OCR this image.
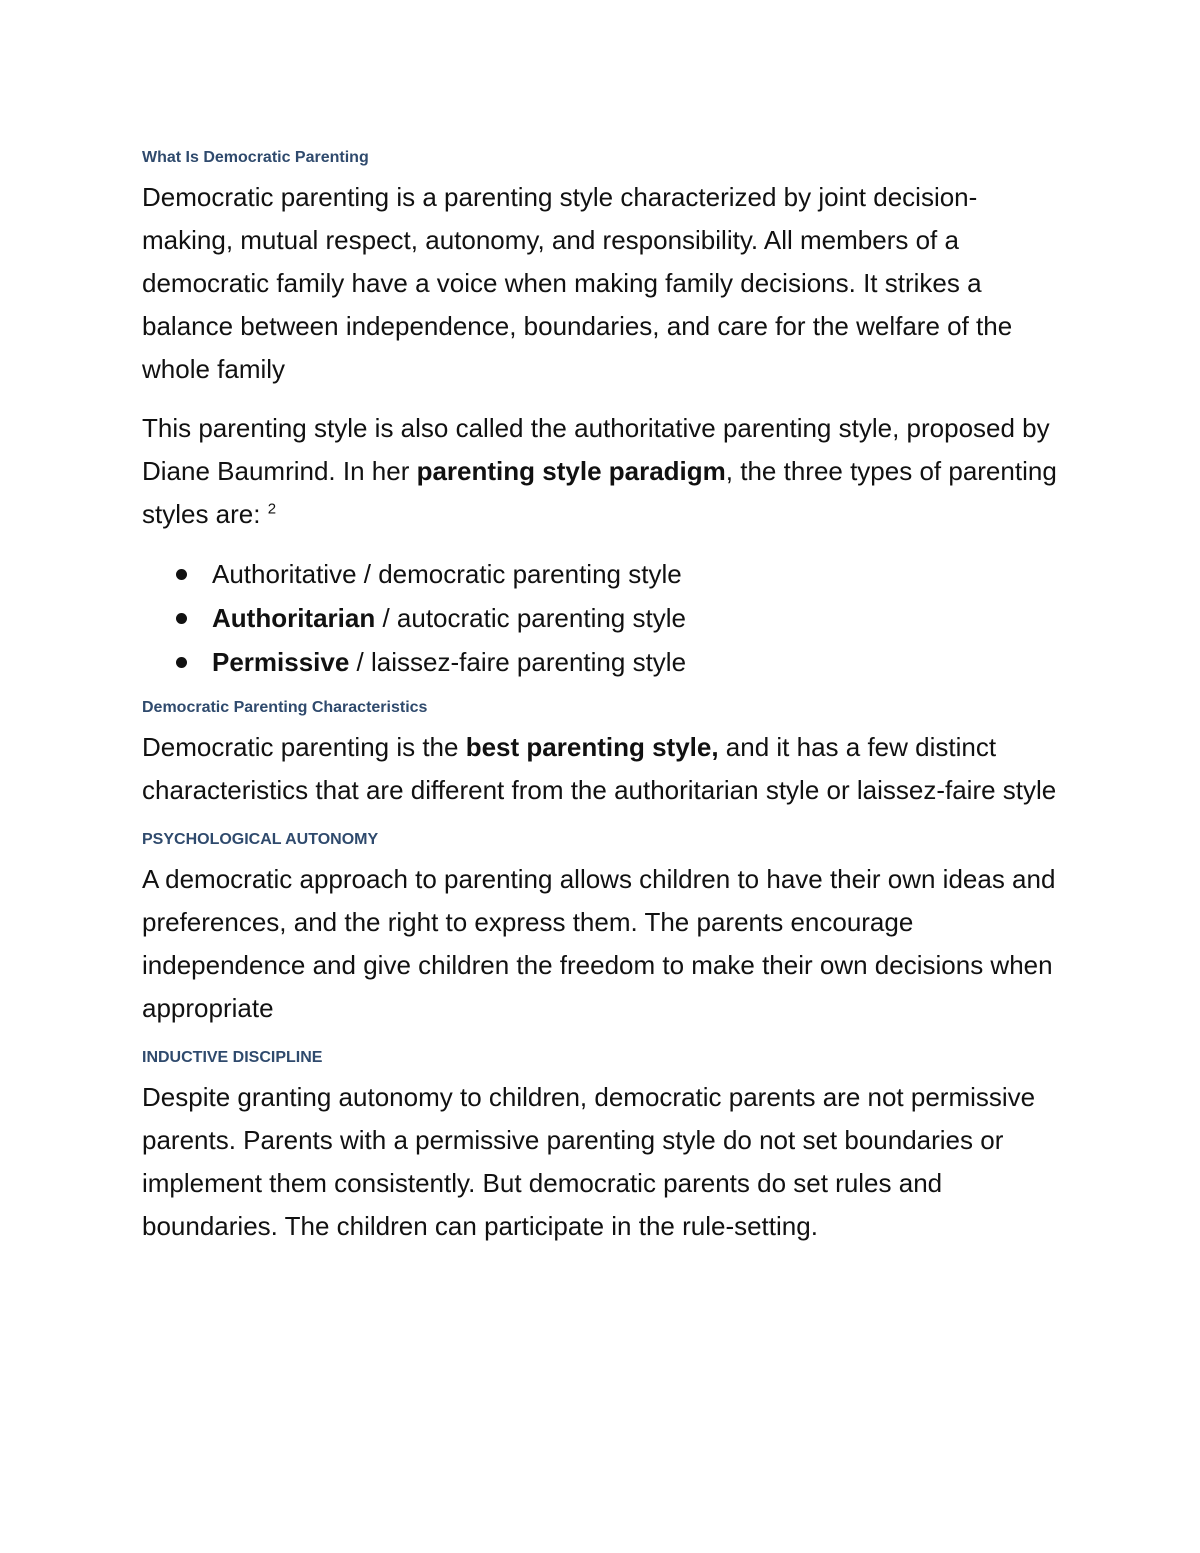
What Is Democratic Parenting

Democratic parenting is a parenting style characterized by joint decision-making, mutual respect, autonomy, and responsibility. All members of a democratic family have a voice when making family decisions. It strikes a balance between independence, boundaries, and care for the welfare of the whole family

This parenting style is also called the authoritative parenting style, proposed by Diane Baumrind. In her parenting style paradigm, the three types of parenting styles are: $^2$

Authoritative / democratic parenting style
Authoritarian / autocratic parenting style
Permissive / laissez-faire parenting style
Democratic Parenting Characteristics

Democratic parenting is the best parenting style, and it has a few distinct characteristics that are different from the authoritarian style or laissez-faire style

PSYCHOLOGICAL AUTONOMY

A democratic approach to parenting allows children to have their own ideas and preferences, and the right to express them. The parents encourage independence and give children the freedom to make their own decisions when appropriate

INDUCTIVE DISCIPLINE

Despite granting autonomy to children, democratic parents are not permissive parents. Parents with a permissive parenting style do not set boundaries or implement them consistently. But democratic parents do set rules and boundaries. The children can participate in the rule-setting.
